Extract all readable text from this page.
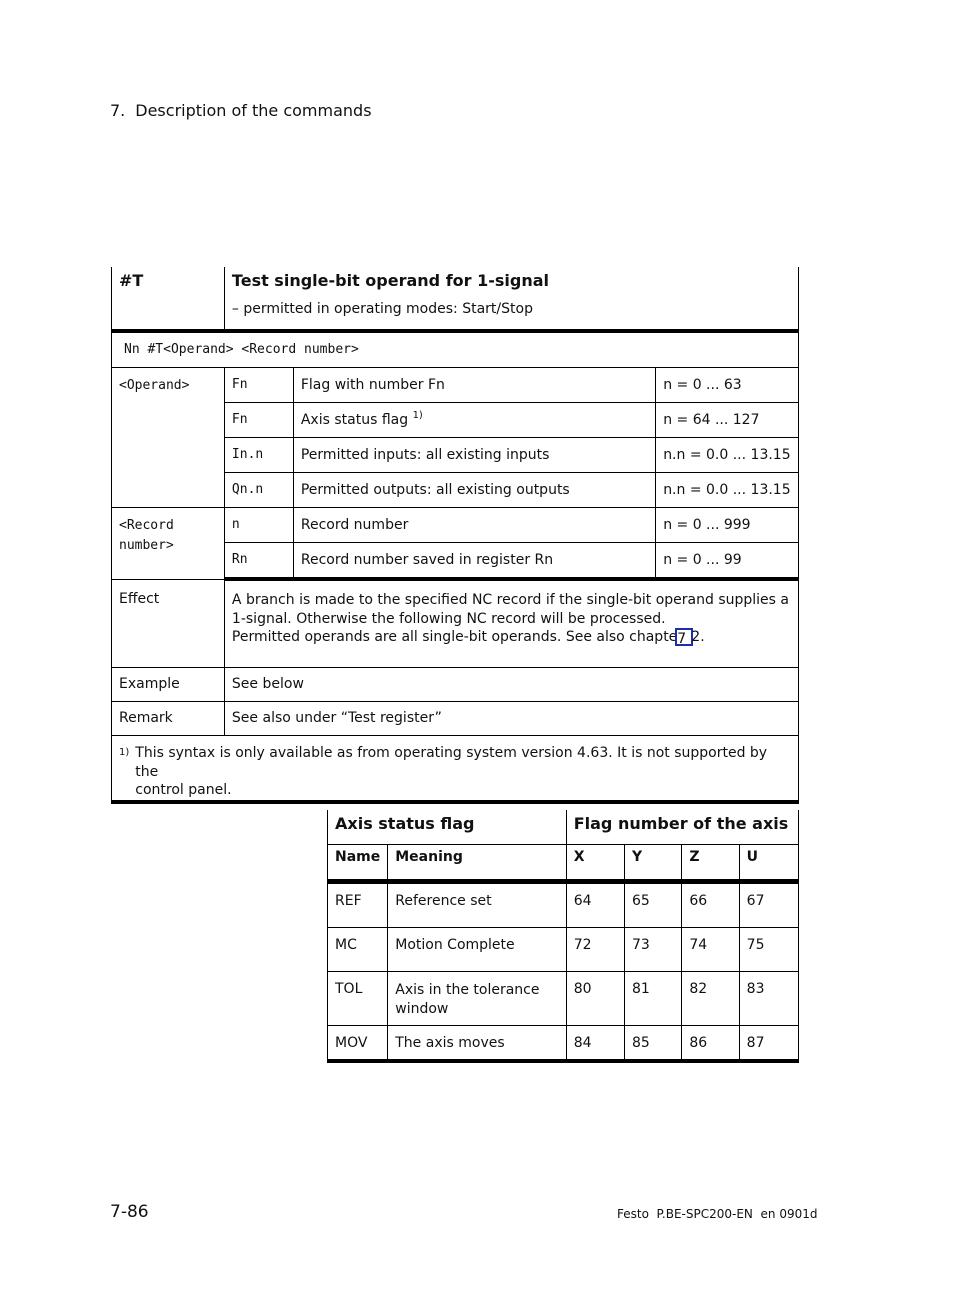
7. Description of the commands
#T	Test single-bit operand for 1-signal
– permitted in operating modes: Start/Stop		

Nn #T<Operand> <Record number>			
<Operand>	Fn	Flag with number Fn	n = 0 ... 63
	Fn	Axis status flag $^{1)}$	n = 64 ... 127
	In.n	Permitted inputs: all existing inputs	n.n = 0.0 ... 13.15
	Qn.n	Permitted outputs: all existing outputs	n.n = 0.0 ... 13.15
<Record number>	n	Record number	n = 0 ... 999
	Rn	Record number saved in register Rn	n = 0 ... 99
Effect	A branch is made to the specified NC record if the single-bit operand supplies a
1-signal. Otherwise the following NC record will be processed.
Permitted operands are all single-bit operands. See also chapte7 2.		

Example	See below		
Remark	See also under “Test register”		

1) This syntax is only available as from operating system version 4.63. It is not supported by the
control panel.			
Axis status flag		Flag number of the axis			
Name	Meaning	X	Y	Z	U
REF	Reference set	64	65	66	67
MC	Motion Complete	72	73	74	75
TOL	Axis in the tolerance window	80	81	82	83
MOV	The axis moves	84	85	86	87
7-86	Festo  P.BE-SPC200-EN  en 0901d
